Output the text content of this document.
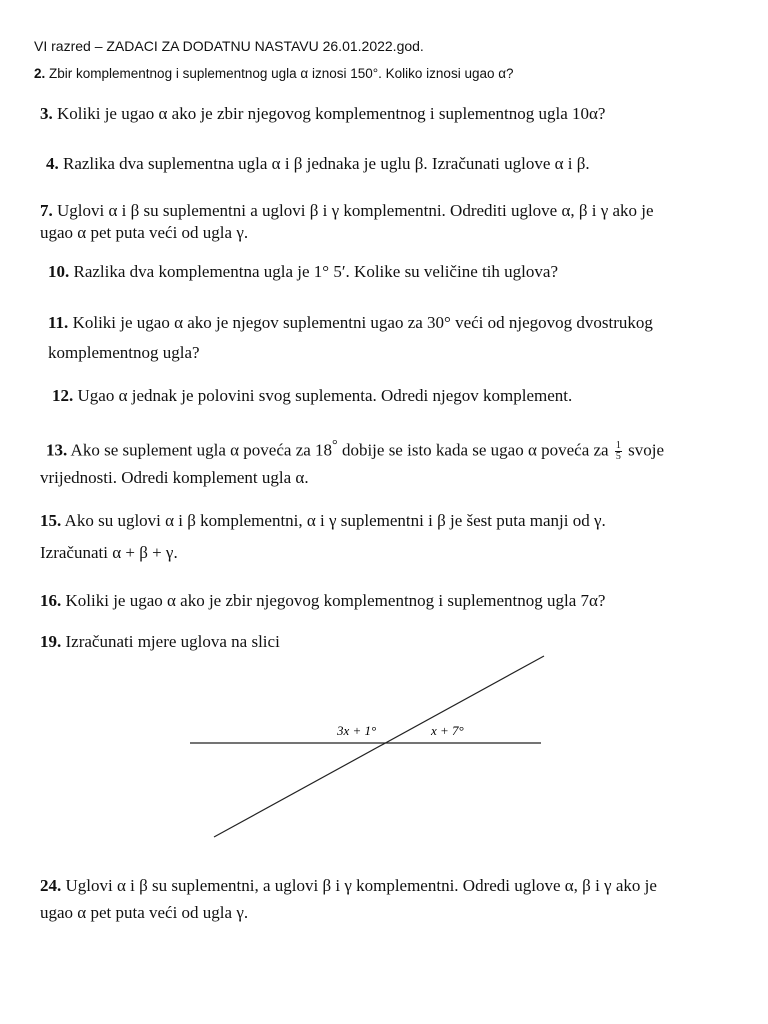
VI razred – ZADACI ZA DODATNU NASTAVU 26.01.2022.god.
2. Zbir komplementnog i suplementnog ugla α iznosi 150°. Koliko iznosi ugao α?
3. Koliki je ugao α ako je zbir njegovog komplementnog i suplementnog ugla 10α?
4. Razlika dva suplementna ugla α i β jednaka je uglu β. Izračunati uglove α i β.
7. Uglovi α i β su suplementni a uglovi β i γ komplementni. Odrediti uglove α, β i γ ako je
ugao α pet puta veći od ugla γ.
10. Razlika dva komplementna ugla je 1° 5′. Kolike su veličine tih uglova?
11. Koliki je ugao α ako je njegov suplementni ugao za 30° veći od njegovog dvostrukog
komplementnog ugla?
12. Ugao α jednak je polovini svog suplementa. Odredi njegov komplement.
13. Ako se suplement ugla α poveća za 18° dobije se isto kada se ugao α poveća za $\frac{1}{5}$ svoje
vrijednosti. Odredi komplement ugla α.
15. Ako su uglovi α i β komplementni, α i γ suplementni i β je šest puta manji od γ.
Izračunati α + β + γ.
16. Koliki je ugao α ako je zbir njegovog komplementnog i suplementnog ugla 7α?
19. Izračunati mjere uglova na slici
3x + 1°	x + 7°
24. Uglovi α i β su suplementni, a uglovi β i γ komplementni. Odredi uglove α, β i γ ako je
ugao α pet puta veći od ugla γ.
